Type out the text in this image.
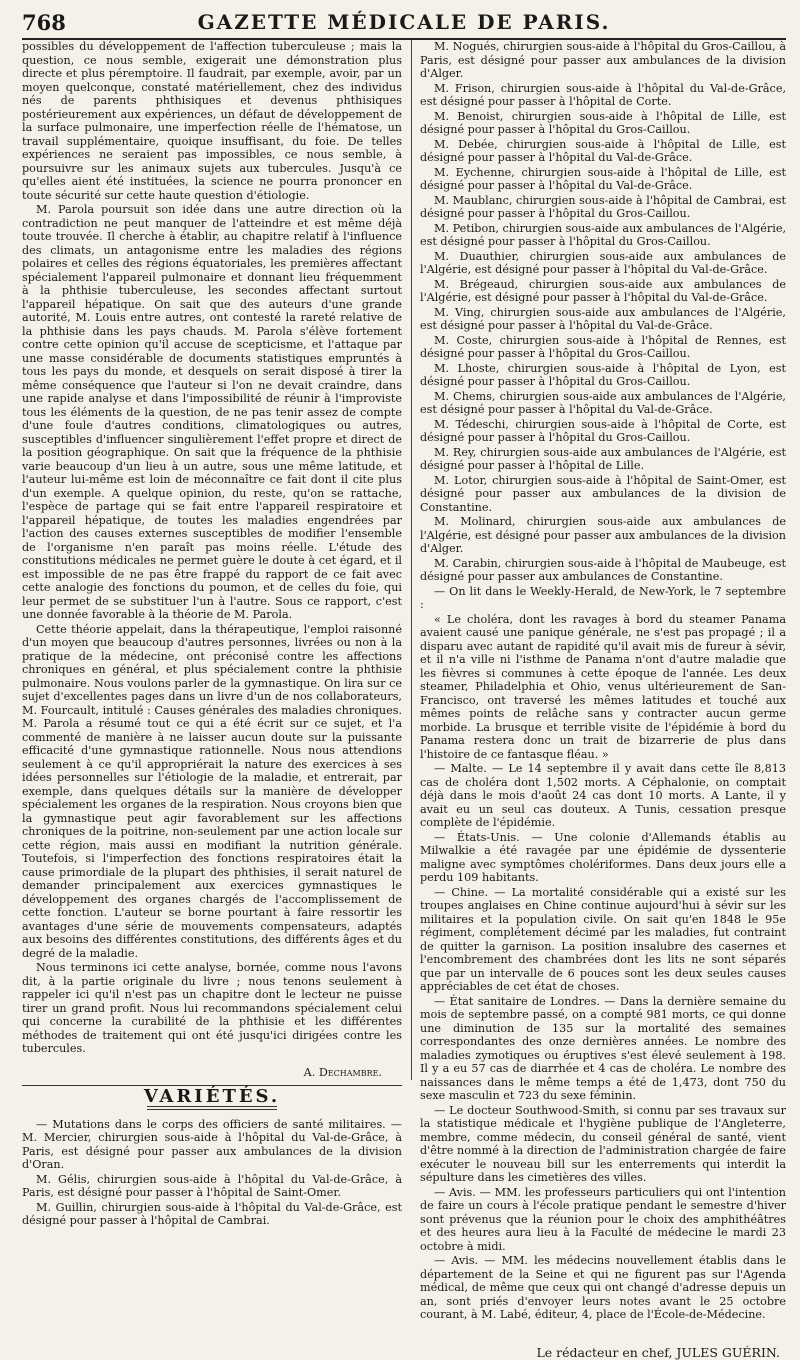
768	GAZETTE MÉDICALE DE PARIS.

possibles du développement de l'affection tuberculeuse ; mais la question, ce nous semble, exigerait une démonstration plus directe et plus péremptoire. Il faudrait, par exemple, avoir, par un moyen quelconque, constaté matériellement, chez des individus nés de parents phthisiques et devenus phthisiques postérieurement aux expériences, un défaut de développement de la surface pulmonaire, une imperfection réelle de l'hématose, un travail supplémentaire, quoique insuffisant, du foie. De telles expériences ne seraient pas impossibles, ce nous semble, à poursuivre sur les animaux sujets aux tubercules. Jusqu'à ce qu'elles aient été instituées, la science ne pourra prononcer en toute sécurité sur cette haute question d'étiologie.

M. Parola poursuit son idée dans une autre direction où la contradiction ne peut manquer de l'atteindre et est même déjà toute trouvée. Il cherche à établir, au chapitre relatif à l'influence des climats, un antagonisme entre les maladies des régions polaires et celles des régions équatoriales, les premières affectant spécialement l'appareil pulmonaire et donnant lieu fréquemment à la phthisie tuberculeuse, les secondes affectant surtout l'appareil hépatique. On sait que des auteurs d'une grande autorité, M. Louis entre autres, ont contesté la rareté relative de la phthisie dans les pays chauds. M. Parola s'élève fortement contre cette opinion qu'il accuse de scepticisme, et l'attaque par une masse considérable de documents statistiques empruntés à tous les pays du monde, et desquels on serait disposé à tirer la même conséquence que l'auteur si l'on ne devait craindre, dans une rapide analyse et dans l'impossibilité de réunir à l'improviste tous les éléments de la question, de ne pas tenir assez de compte d'une foule d'autres conditions, climatologiques ou autres, susceptibles d'influencer singulièrement l'effet propre et direct de la position géographique. On sait que la fréquence de la phthisie varie beaucoup d'un lieu à un autre, sous une même latitude, et l'auteur lui-même est loin de méconnaître ce fait dont il cite plus d'un exemple. A quelque opinion, du reste, qu'on se rattache, l'espèce de partage qui se fait entre l'appareil respiratoire et l'appareil hépatique, de toutes les maladies engendrées par l'action des causes externes susceptibles de modifier l'ensemble de l'organisme n'en paraît pas moins réelle. L'étude des constitutions médicales ne permet guère le doute à cet égard, et il est impossible de ne pas être frappé du rapport de ce fait avec cette analogie des fonctions du poumon, et de celles du foie, qui leur permet de se substituer l'un à l'autre. Sous ce rapport, c'est une donnée favorable à la théorie de M. Parola.

Cette théorie appelait, dans la thérapeutique, l'emploi raisonné d'un moyen que beaucoup d'autres personnes, livrées ou non à la pratique de la médecine, ont préconisé contre les affections chroniques en général, et plus spécialement contre la phthisie pulmonaire. Nous voulons parler de la gymnastique. On lira sur ce sujet d'excellentes pages dans un livre d'un de nos collaborateurs, M. Fourcault, intitulé : Causes générales des maladies chroniques. M. Parola a résumé tout ce qui a été écrit sur ce sujet, et l'a commenté de manière à ne laisser aucun doute sur la puissante efficacité d'une gymnastique rationnelle. Nous nous attendions seulement à ce qu'il appropriérait la nature des exercices à ses idées personnelles sur l'étiologie de la maladie, et entrerait, par exemple, dans quelques détails sur la manière de développer spécialement les organes de la respiration. Nous croyons bien que la gymnastique peut agir favorablement sur les affections chroniques de la poitrine, non-seulement par une action locale sur cette région, mais aussi en modifiant la nutrition générale. Toutefois, si l'imperfection des fonctions respiratoires était la cause primordiale de la plupart des phthisies, il serait naturel de demander principalement aux exercices gymnastiques le développement des organes chargés de l'accomplissement de cette fonction. L'auteur se borne pourtant à faire ressortir les avantages d'une série de mouvements compensateurs, adaptés aux besoins des différentes constitutions, des différents âges et du degré de la maladie.

Nous terminons ici cette analyse, bornée, comme nous l'avons dit, à la partie originale du livre ; nous tenons seulement à rappeler ici qu'il n'est pas un chapitre dont le lecteur ne puisse tirer un grand profit. Nous lui recommandons spécialement celui qui concerne la curabilité de la phthisie et les différentes méthodes de traitement qui ont été jusqu'ici dirigées contre les tubercules.

A. Dechambre.
VARIÉTÉS.

— Mutations dans le corps des officiers de santé militaires. — M. Mercier, chirurgien sous-aide à l'hôpital du Val-de-Grâce, à Paris, est désigné pour passer aux ambulances de la division d'Oran.

M. Gélis, chirurgien sous-aide à l'hôpital du Val-de-Grâce, à Paris, est désigné pour passer à l'hôpital de Saint-Omer.

M. Guillin, chirurgien sous-aide à l'hôpital du Val-de-Grâce, est désigné pour passer à l'hôpital de Cambrai.

M. Nogués, chirurgien sous-aide à l'hôpital du Gros-Caillou, à Paris, est désigné pour passer aux ambulances de la division d'Alger.

M. Frison, chirurgien sous-aide à l'hôpital du Val-de-Grâce, est désigné pour passer à l'hôpital de Corte.

M. Benoist, chirurgien sous-aide à l'hôpital de Lille, est désigné pour passer à l'hôpital du Gros-Caillou.

M. Debée, chirurgien sous-aide à l'hôpital de Lille, est désigné pour passer à l'hôpital du Val-de-Grâce.

M. Eychenne, chirurgien sous-aide à l'hôpital de Lille, est désigné pour passer à l'hôpital du Val-de-Grâce.

M. Maublanc, chirurgien sous-aide à l'hôpital de Cambrai, est désigné pour passer à l'hôpital du Gros-Caillou.

M. Petibon, chirurgien sous-aide aux ambulances de l'Algérie, est désigné pour passer à l'hôpital du Gros-Caillou.

M. Duauthier, chirurgien sous-aide aux ambulances de l'Algérie, est désigné pour passer à l'hôpital du Val-de-Grâce.

M. Brégeaud, chirurgien sous-aide aux ambulances de l'Algérie, est désigné pour passer à l'hôpital du Val-de-Grâce.

M. Ving, chirurgien sous-aide aux ambulances de l'Algérie, est désigné pour passer à l'hôpital du Val-de-Grâce.

M. Coste, chirurgien sous-aide à l'hôpital de Rennes, est désigné pour passer à l'hôpital du Gros-Caillou.

M. Lhoste, chirurgien sous-aide à l'hôpital de Lyon, est désigné pour passer à l'hôpital du Gros-Caillou.

M. Chems, chirurgien sous-aide aux ambulances de l'Algérie, est désigné pour passer à l'hôpital du Val-de-Grâce.

M. Tédeschi, chirurgien sous-aide à l'hôpital de Corte, est désigné pour passer à l'hôpital du Gros-Caillou.

M. Rey, chirurgien sous-aide aux ambulances de l'Algérie, est désigné pour passer à l'hôpital de Lille.

M. Lotor, chirurgien sous-aide à l'hôpital de Saint-Omer, est désigné pour passer aux ambulances de la division de Constantine.

M. Molinard, chirurgien sous-aide aux ambulances de l'Algérie, est désigné pour passer aux ambulances de la division d'Alger.

M. Carabin, chirurgien sous-aide à l'hôpital de Maubeuge, est désigné pour passer aux ambulances de Constantine.

— On lit dans le Weekly-Herald, de New-York, le 7 septembre :

« Le choléra, dont les ravages à bord du steamer Panama avaient causé une panique générale, ne s'est pas propagé ; il a disparu avec autant de rapidité qu'il avait mis de fureur à sévir, et il n'a ville ni l'isthme de Panama n'ont d'autre maladie que les fièvres si communes à cette époque de l'année. Les deux steamer, Philadelphia et Ohio, venus ultérieurement de San-Francisco, ont traversé les mêmes latitudes et touché aux mêmes points de relâche sans y contracter aucun germe morbide. La brusque et terrible visite de l'épidémie à bord du Panama restera donc un trait de bizarrerie de plus dans l'histoire de ce fantasque fléau. »

— Malte. — Le 14 septembre il y avait dans cette île 8,813 cas de choléra dont 1,502 morts. A Céphalonie, on comptait déjà dans le mois d'août 24 cas dont 10 morts. A Lante, il y avait eu un seul cas douteux. A Tunis, cessation presque complète de l'épidémie.

— États-Unis. — Une colonie d'Allemands établis au Milwalkie a été ravagée par une épidémie de dyssenterie maligne avec symptômes cholériformes. Dans deux jours elle a perdu 109 habitants.

— Chine. — La mortalité considérable qui a existé sur les troupes anglaises en Chine continue aujourd'hui à sévir sur les militaires et la population civile. On sait qu'en 1848 le 95e régiment, complétement décimé par les maladies, fut contraint de quitter la garnison. La position insalubre des casernes et l'encombrement des chambrées dont les lits ne sont séparés que par un intervalle de 6 pouces sont les deux seules causes appréciables de cet état de choses.

— État sanitaire de Londres. — Dans la dernière semaine du mois de septembre passé, on a compté 981 morts, ce qui donne une diminution de 135 sur la mortalité des semaines correspondantes des onze dernières années. Le nombre des maladies zymotiques ou éruptives s'est élevé seulement à 198. Il y a eu 57 cas de diarrhée et 4 cas de choléra. Le nombre des naissances dans le même temps a été de 1,473, dont 750 du sexe masculin et 723 du sexe féminin.

— Le docteur Southwood-Smith, si connu par ses travaux sur la statistique médicale et l'hygiène publique de l'Angleterre, membre, comme médecin, du conseil général de santé, vient d'être nommé à la direction de l'administration chargée de faire exécuter le nouveau bill sur les enterrements qui interdit la sépulture dans les cimetières des villes.

— Avis. — MM. les professeurs particuliers qui ont l'intention de faire un cours à l'école pratique pendant le semestre d'hiver sont prévenus que la réunion pour le choix des amphithéâtres et des heures aura lieu à la Faculté de médecine le mardi 23 octobre à midi.

— Avis. — MM. les médecins nouvellement établis dans le département de la Seine et qui ne figurent pas sur l'Agenda médical, de même que ceux qui ont changé d'adresse depuis un an, sont priés d'envoyer leurs notes avant le 25 octobre courant, à M. Labé, éditeur, 4, place de l'École-de-Médecine.

Le rédacteur en chef, JULES GUÉRIN.
